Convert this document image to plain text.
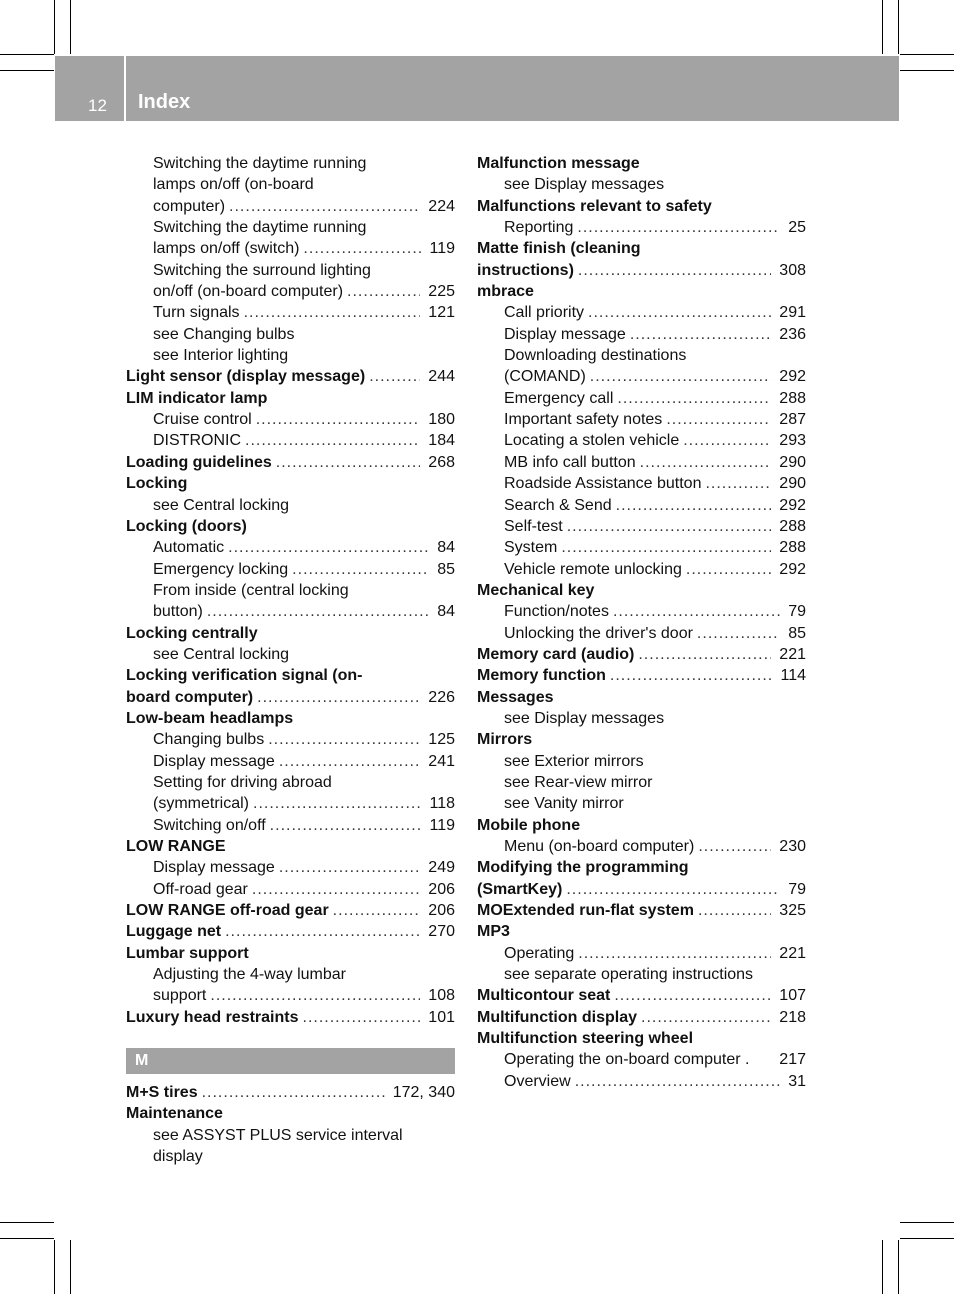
12 Index
Switching the daytime running
lamps on/off (on-board
computer) .....	224
Switching the daytime running
lamps on/off (switch) .....	119
Switching the surround lighting
on/off (on-board computer) .....	225
Turn signals .....	121
see Changing bulbs
see Interior lighting
Light sensor (display message) .....	244
LIM indicator lamp
Cruise control .....	180
DISTRONIC .....	184
Loading guidelines .....	268
Locking
see Central locking
Locking (doors)
Automatic .....	84
Emergency locking .....	85
From inside (central locking
button) .....	84
Locking centrally
see Central locking
Locking verification signal (on-
board computer) .....	226
Low-beam headlamps
Changing bulbs .....	125
Display message .....	241
Setting for driving abroad
(symmetrical) .....	118
Switching on/off .....	119
LOW RANGE
Display message .....	249
Off-road gear .....	206
LOW RANGE off-road gear .....	206
Luggage net .....	270
Lumbar support
Adjusting the 4-way lumbar
support .....	108
Luxury head restraints .....	101
M
M+S tires .....	172, 340
Maintenance
see ASSYST PLUS service interval
display
Malfunction message
see Display messages
Malfunctions relevant to safety
Reporting .....	25
Matte finish (cleaning
instructions) .....	308
mbrace
Call priority .....	291
Display message .....	236
Downloading destinations
(COMAND) .....	292
Emergency call .....	288
Important safety notes .....	287
Locating a stolen vehicle .....	293
MB info call button .....	290
Roadside Assistance button .....	290
Search & Send .....	292
Self-test .....	288
System .....	288
Vehicle remote unlocking .....	292
Mechanical key
Function/notes .....	79
Unlocking the driver's door .....	85
Memory card (audio) .....	221
Memory function .....	114
Messages
see Display messages
Mirrors
see Exterior mirrors
see Rear-view mirror
see Vanity mirror
Mobile phone
Menu (on-board computer) .....	230
Modifying the programming
(SmartKey) .....	79
MOExtended run-flat system .....	325
MP3
Operating .....	221
see separate operating instructions
Multicontour seat .....	107
Multifunction display .....	218
Multifunction steering wheel
Operating the on-board computer .	217
Overview .....	31
